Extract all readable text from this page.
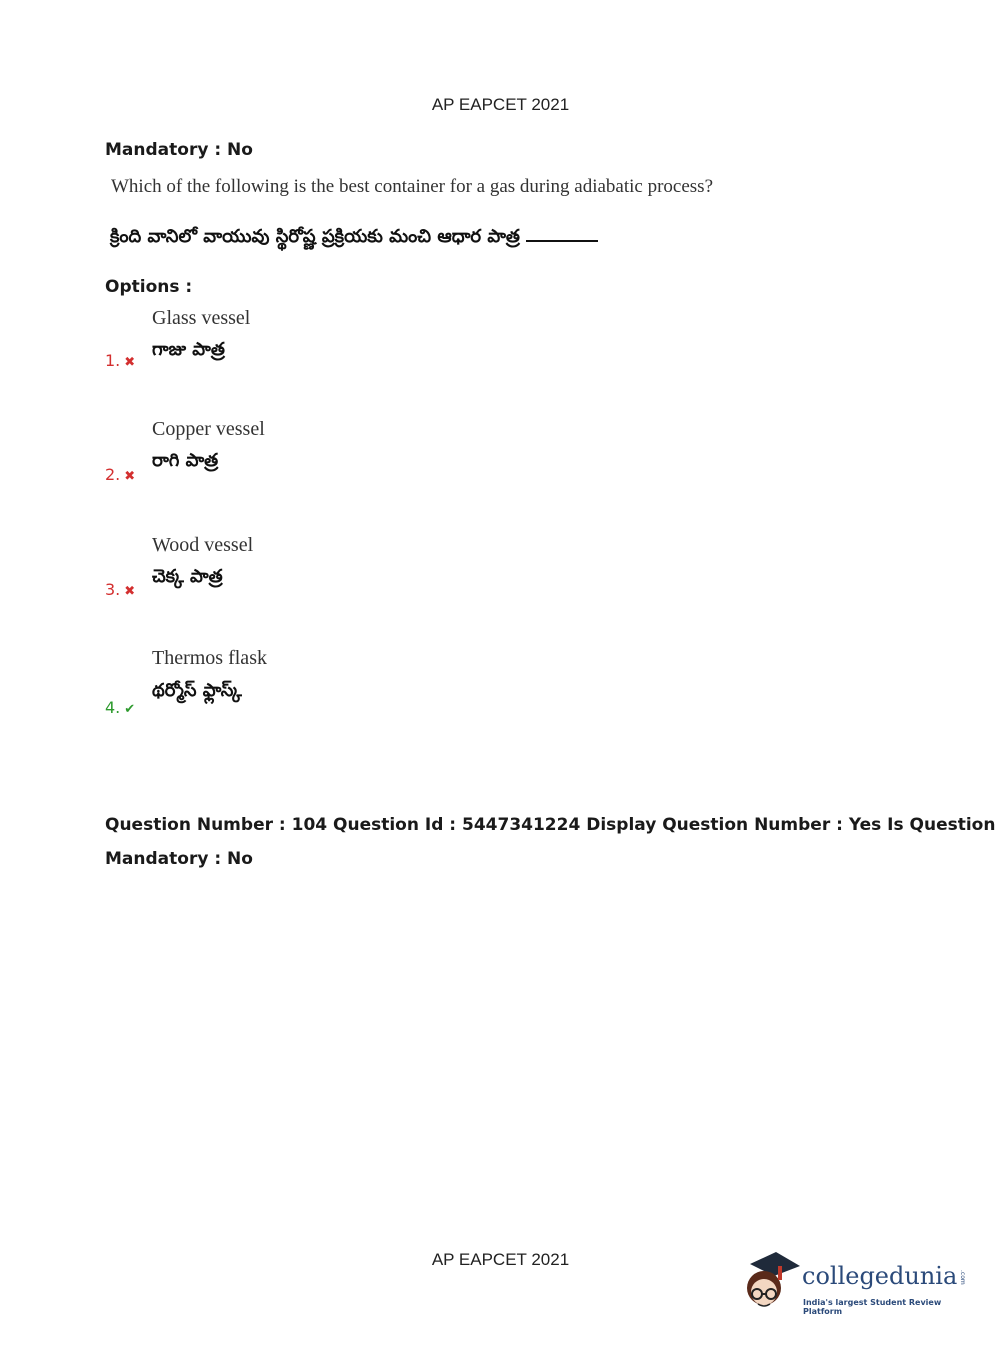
AP EAPCET 2021
Mandatory : No
Which of the following is the best container for a gas during adiabatic process?
క్రింది వానిలో వాయువు స్థిరోష్ణ ప్రక్రియకు మంచి ఆధార పాత్ర
Options :
Glass vessel
గాజు పాత్ర
1. ✖
Copper vessel
రాగి పాత్ర
2. ✖
Wood vessel
చెక్క పాత్ర
3. ✖
Thermos flask
థర్మోస్ ఫ్లాస్క్
4. ✔
Question Number : 104 Question Id : 5447341224 Display Question Number : Yes Is Question
Mandatory : No
AP EAPCET 2021
collegedunia
India's largest Student Review Platform
.com
